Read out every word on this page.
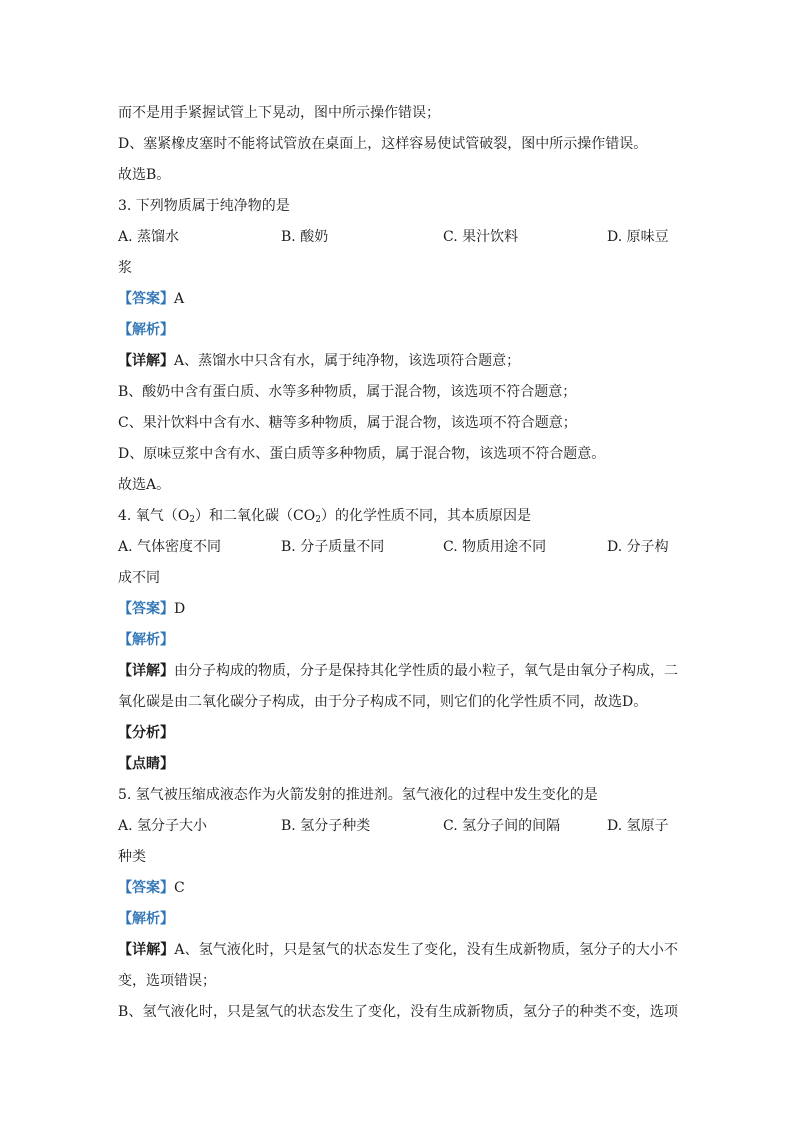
而不是用手紧握试管上下晃动，图中所示操作错误；
D、塞紧橡皮塞时不能将试管放在桌面上，这样容易使试管破裂，图中所示操作错误。
故选B。
3. 下列物质属于纯净物的是
A. 蒸馏水	B. 酸奶	C. 果汁饮料	D. 原味豆
浆
【答案】A
【解析】
【详解】A、蒸馏水中只含有水，属于纯净物，该选项符合题意；
B、酸奶中含有蛋白质、水等多种物质，属于混合物，该选项不符合题意；
C、果汁饮料中含有水、糖等多种物质，属于混合物，该选项不符合题意；
D、原味豆浆中含有水、蛋白质等多种物质，属于混合物，该选项不符合题意。
故选A。
4. 氧气$(O_2)$和二氧化碳$(CO_2)$的化学性质不同，其本质原因是
A. 气体密度不同	B. 分子质量不同	C. 物质用途不同	D. 分子构
成不同
【答案】D
【解析】
【详解】由分子构成的物质，分子是保持其化学性质的最小粒子，氧气是由氧分子构成，二
氧化碳是由二氧化碳分子构成，由于分子构成不同，则它们的化学性质不同，故选D。
【分析】
【点睛】
5. 氢气被压缩成液态作为火箭发射的推进剂。氢气液化的过程中发生变化的是
A. 氢分子大小	B. 氢分子种类	C. 氢分子间的间隔	D. 氢原子
种类
【答案】C
【解析】
【详解】A、氢气液化时，只是氢气的状态发生了变化，没有生成新物质，氢分子的大小不
变，选项错误；
B、氢气液化时，只是氢气的状态发生了变化，没有生成新物质，氢分子的种类不变，选项
